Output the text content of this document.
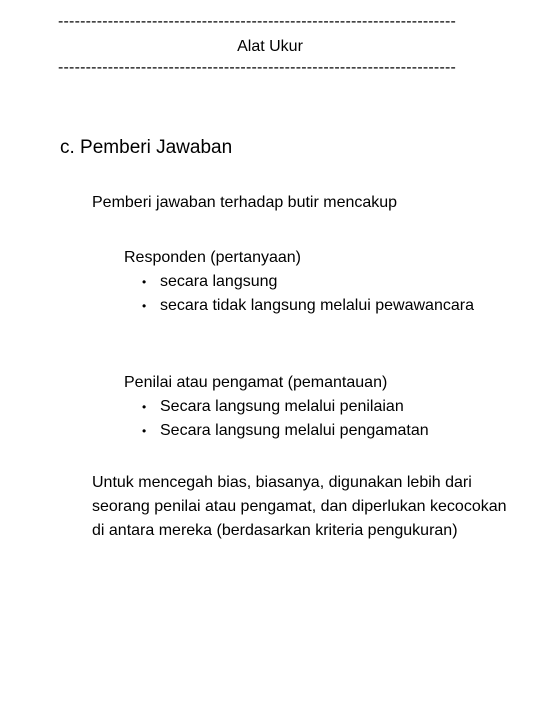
------------------------------------------------------------------------
Alat Ukur
------------------------------------------------------------------------
c. Pemberi Jawaban
Pemberi jawaban terhadap butir mencakup
Responden (pertanyaan)
• secara langsung
• secara tidak langsung melalui pewawancara
Penilai atau pengamat (pemantauan)
• Secara langsung melalui penilaian
• Secara langsung melalui pengamatan
Untuk mencegah bias, biasanya, digunakan lebih dari seorang penilai atau pengamat, dan diperlukan kecocokan di antara mereka (berdasarkan kriteria pengukuran)
